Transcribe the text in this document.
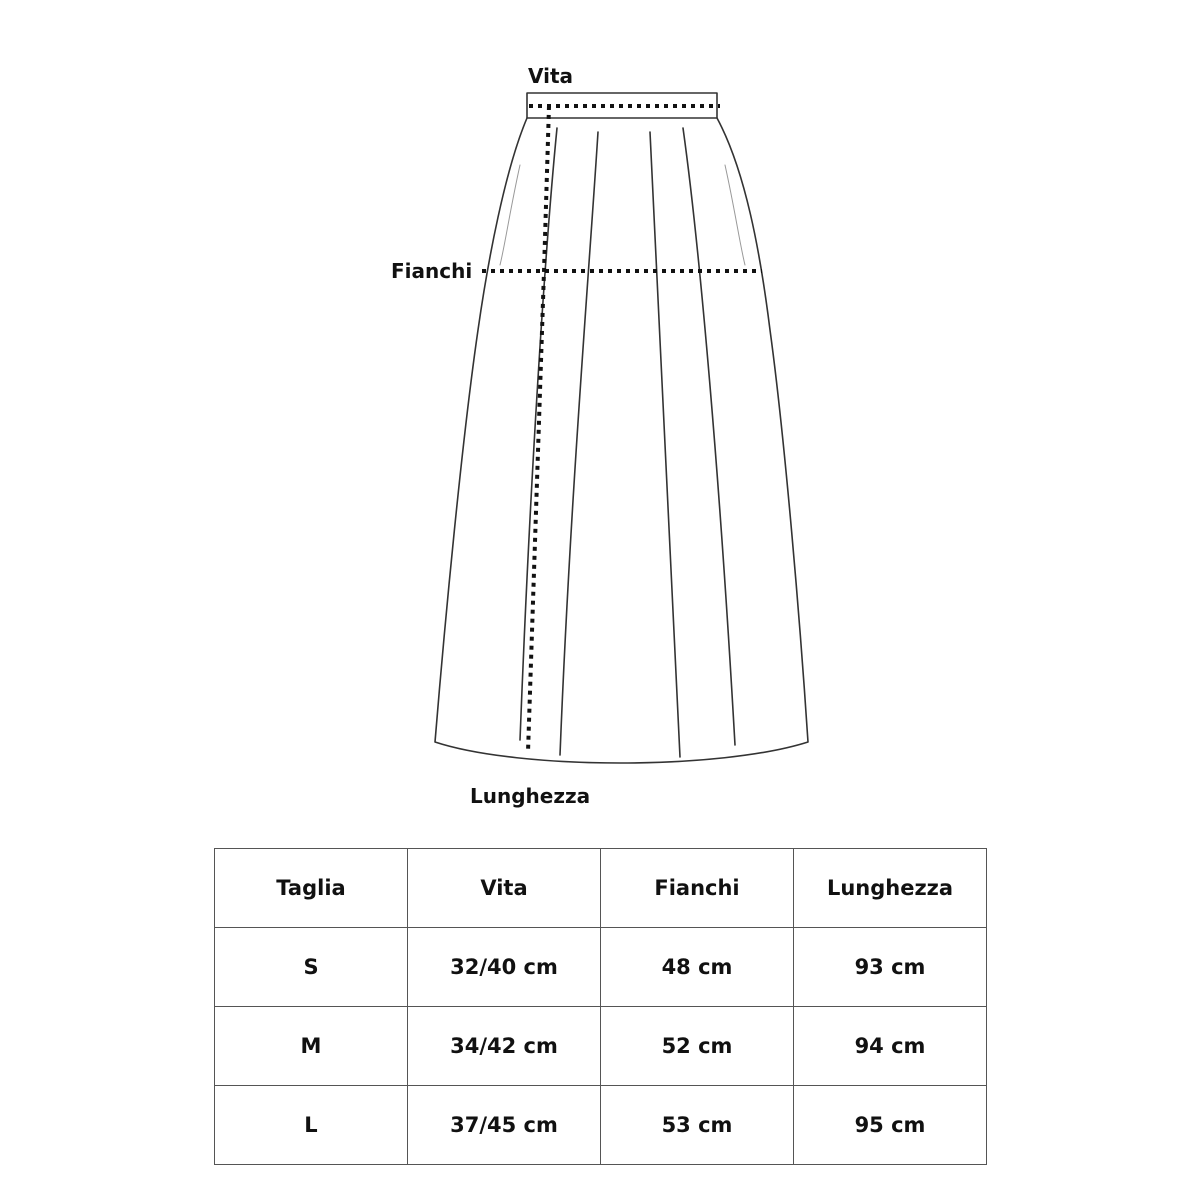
Vita
Fianchi
Lunghezza
Taglia	Vita	Fianchi	Lunghezza
S	32/40 cm	48 cm	93 cm
M	34/42 cm	52 cm	94 cm
L	37/45 cm	53 cm	95 cm
